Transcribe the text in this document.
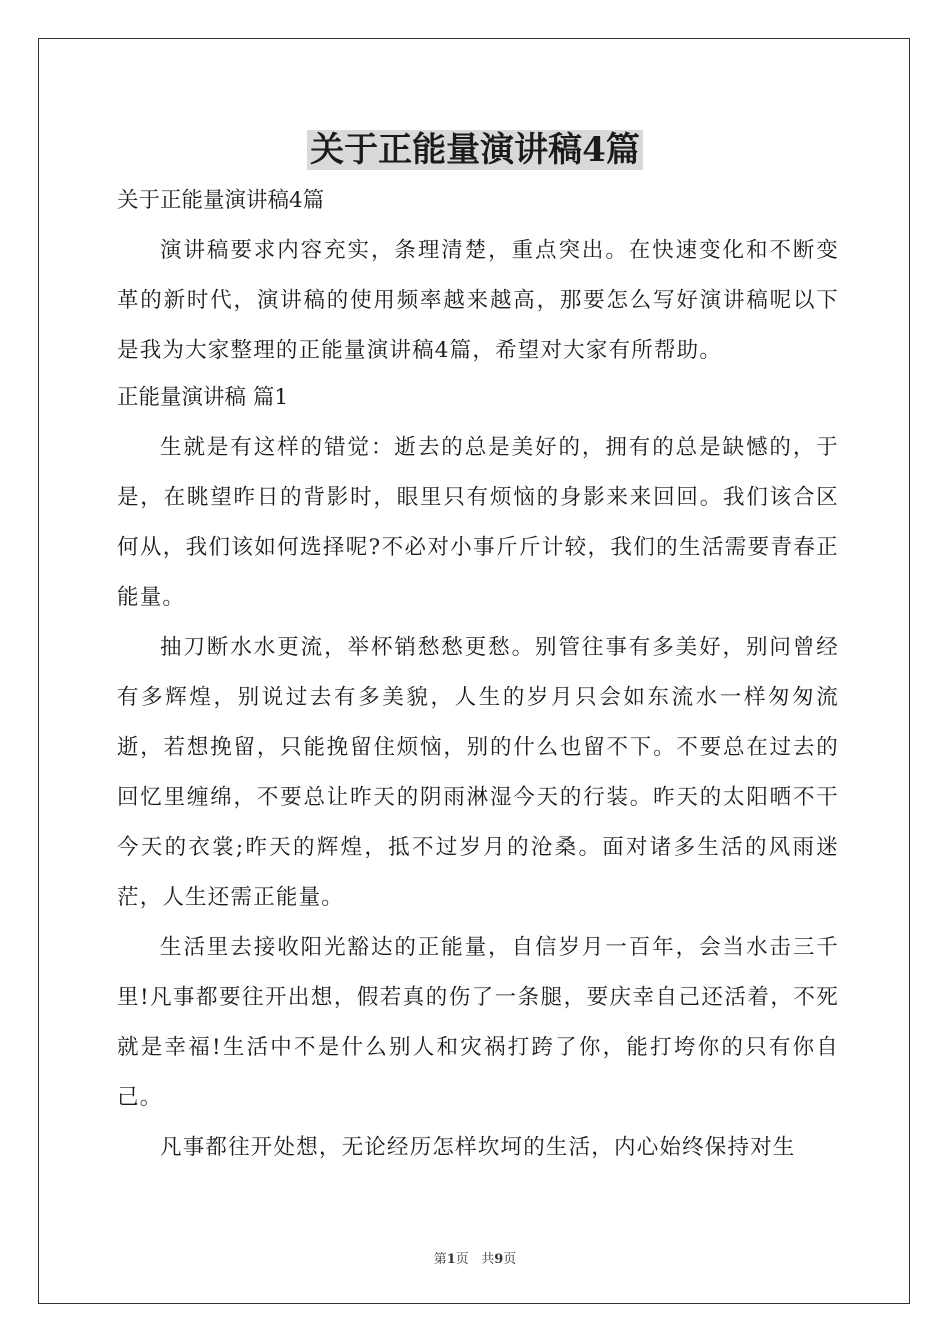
关于正能量演讲稿4篇

关于正能量演讲稿4篇

演讲稿要求内容充实，条理清楚，重点突出。在快速变化和不断变革的新时代，演讲稿的使用频率越来越高，那要怎么写好演讲稿呢以下是我为大家整理的正能量演讲稿4篇，希望对大家有所帮助。

正能量演讲稿 篇1

生就是有这样的错觉：逝去的总是美好的，拥有的总是缺憾的，于是，在眺望昨日的背影时，眼里只有烦恼的身影来来回回。我们该合区何从，我们该如何选择呢?不必对小事斤斤计较，我们的生活需要青春正能量。

抽刀断水水更流，举杯销愁愁更愁。别管往事有多美好，别问曾经有多辉煌，别说过去有多美貌，人生的岁月只会如东流水一样匆匆流逝，若想挽留，只能挽留住烦恼，别的什么也留不下。不要总在过去的回忆里缠绵，不要总让昨天的阴雨淋湿今天的行装。昨天的太阳晒不干今天的衣裳;昨天的辉煌，抵不过岁月的沧桑。面对诸多生活的风雨迷茫，人生还需正能量。

生活里去接收阳光豁达的正能量，自信岁月一百年，会当水击三千里!凡事都要往开出想，假若真的伤了一条腿，要庆幸自己还活着，不死就是幸福!生活中不是什么别人和灾祸打跨了你，能打垮你的只有你自己。

凡事都往开处想，无论经历怎样坎坷的生活，内心始终保持对生

第1页   共9页
